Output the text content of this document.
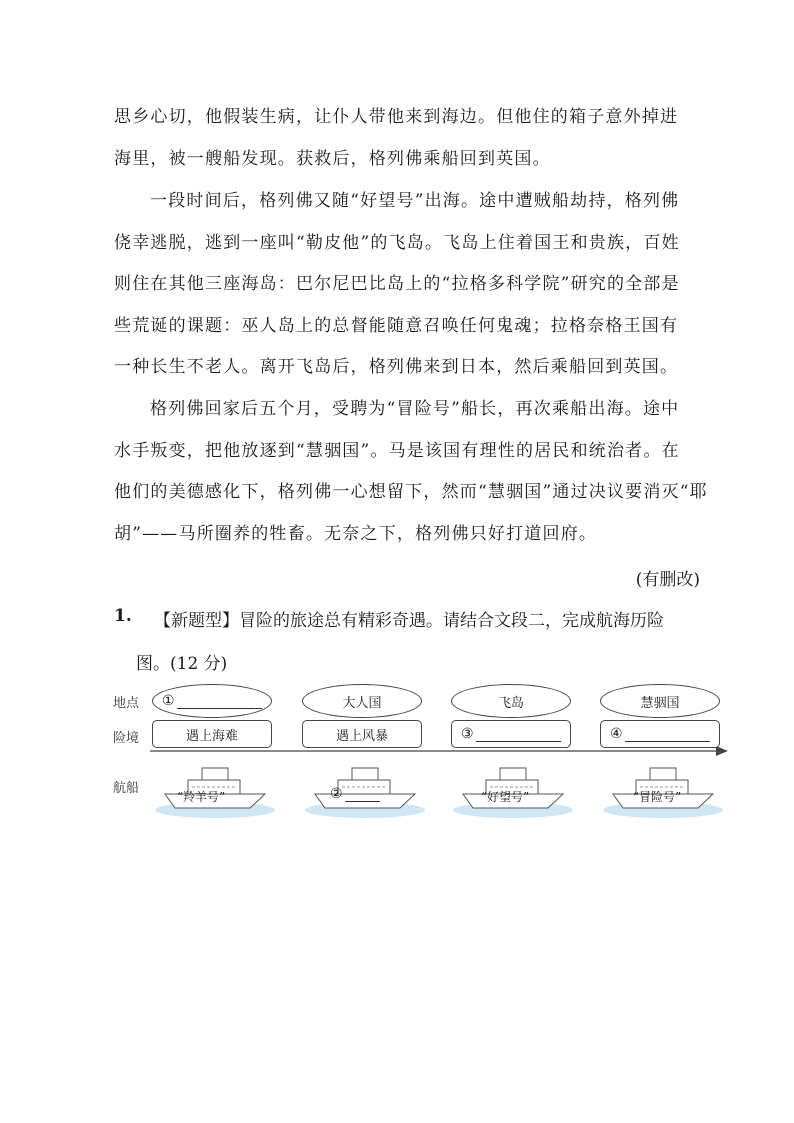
思乡心切，他假装生病，让仆人带他来到海边。但他住的箱子意外掉进
海里，被一艘船发现。获救后，格列佛乘船回到英国。
一段时间后，格列佛又随“好望号”出海。途中遭贼船劫持，格列佛
侥幸逃脱，逃到一座叫“勒皮他”的飞岛。飞岛上住着国王和贵族，百姓
则住在其他三座海岛：巴尔尼巴比岛上的“拉格多科学院”研究的全部是
些荒诞的课题：巫人岛上的总督能随意召唤任何鬼魂；拉格奈格王国有
一种长生不老人。离开飞岛后，格列佛来到日本，然后乘船回到英国。
格列佛回家后五个月，受聘为“冒险号”船长，再次乘船出海。途中
水手叛变，把他放逐到“慧骃国”。马是该国有理性的居民和统治者。在
他们的美德感化下，格列佛一心想留下，然而“慧骃国”通过决议要消灭“耶
胡”——马所圈养的牲畜。无奈之下，格列佛只好打道回府。
(有删改)
1. 【新题型】冒险的旅途总有精彩奇遇。请结合文段二，完成航海历险
图。(12 分)
地点
险境
航船
①	大人国	飞岛	慧骃国
遇上海难	遇上风暴	③	④
“羚羊号”	②	“好望号”	“冒险号”
